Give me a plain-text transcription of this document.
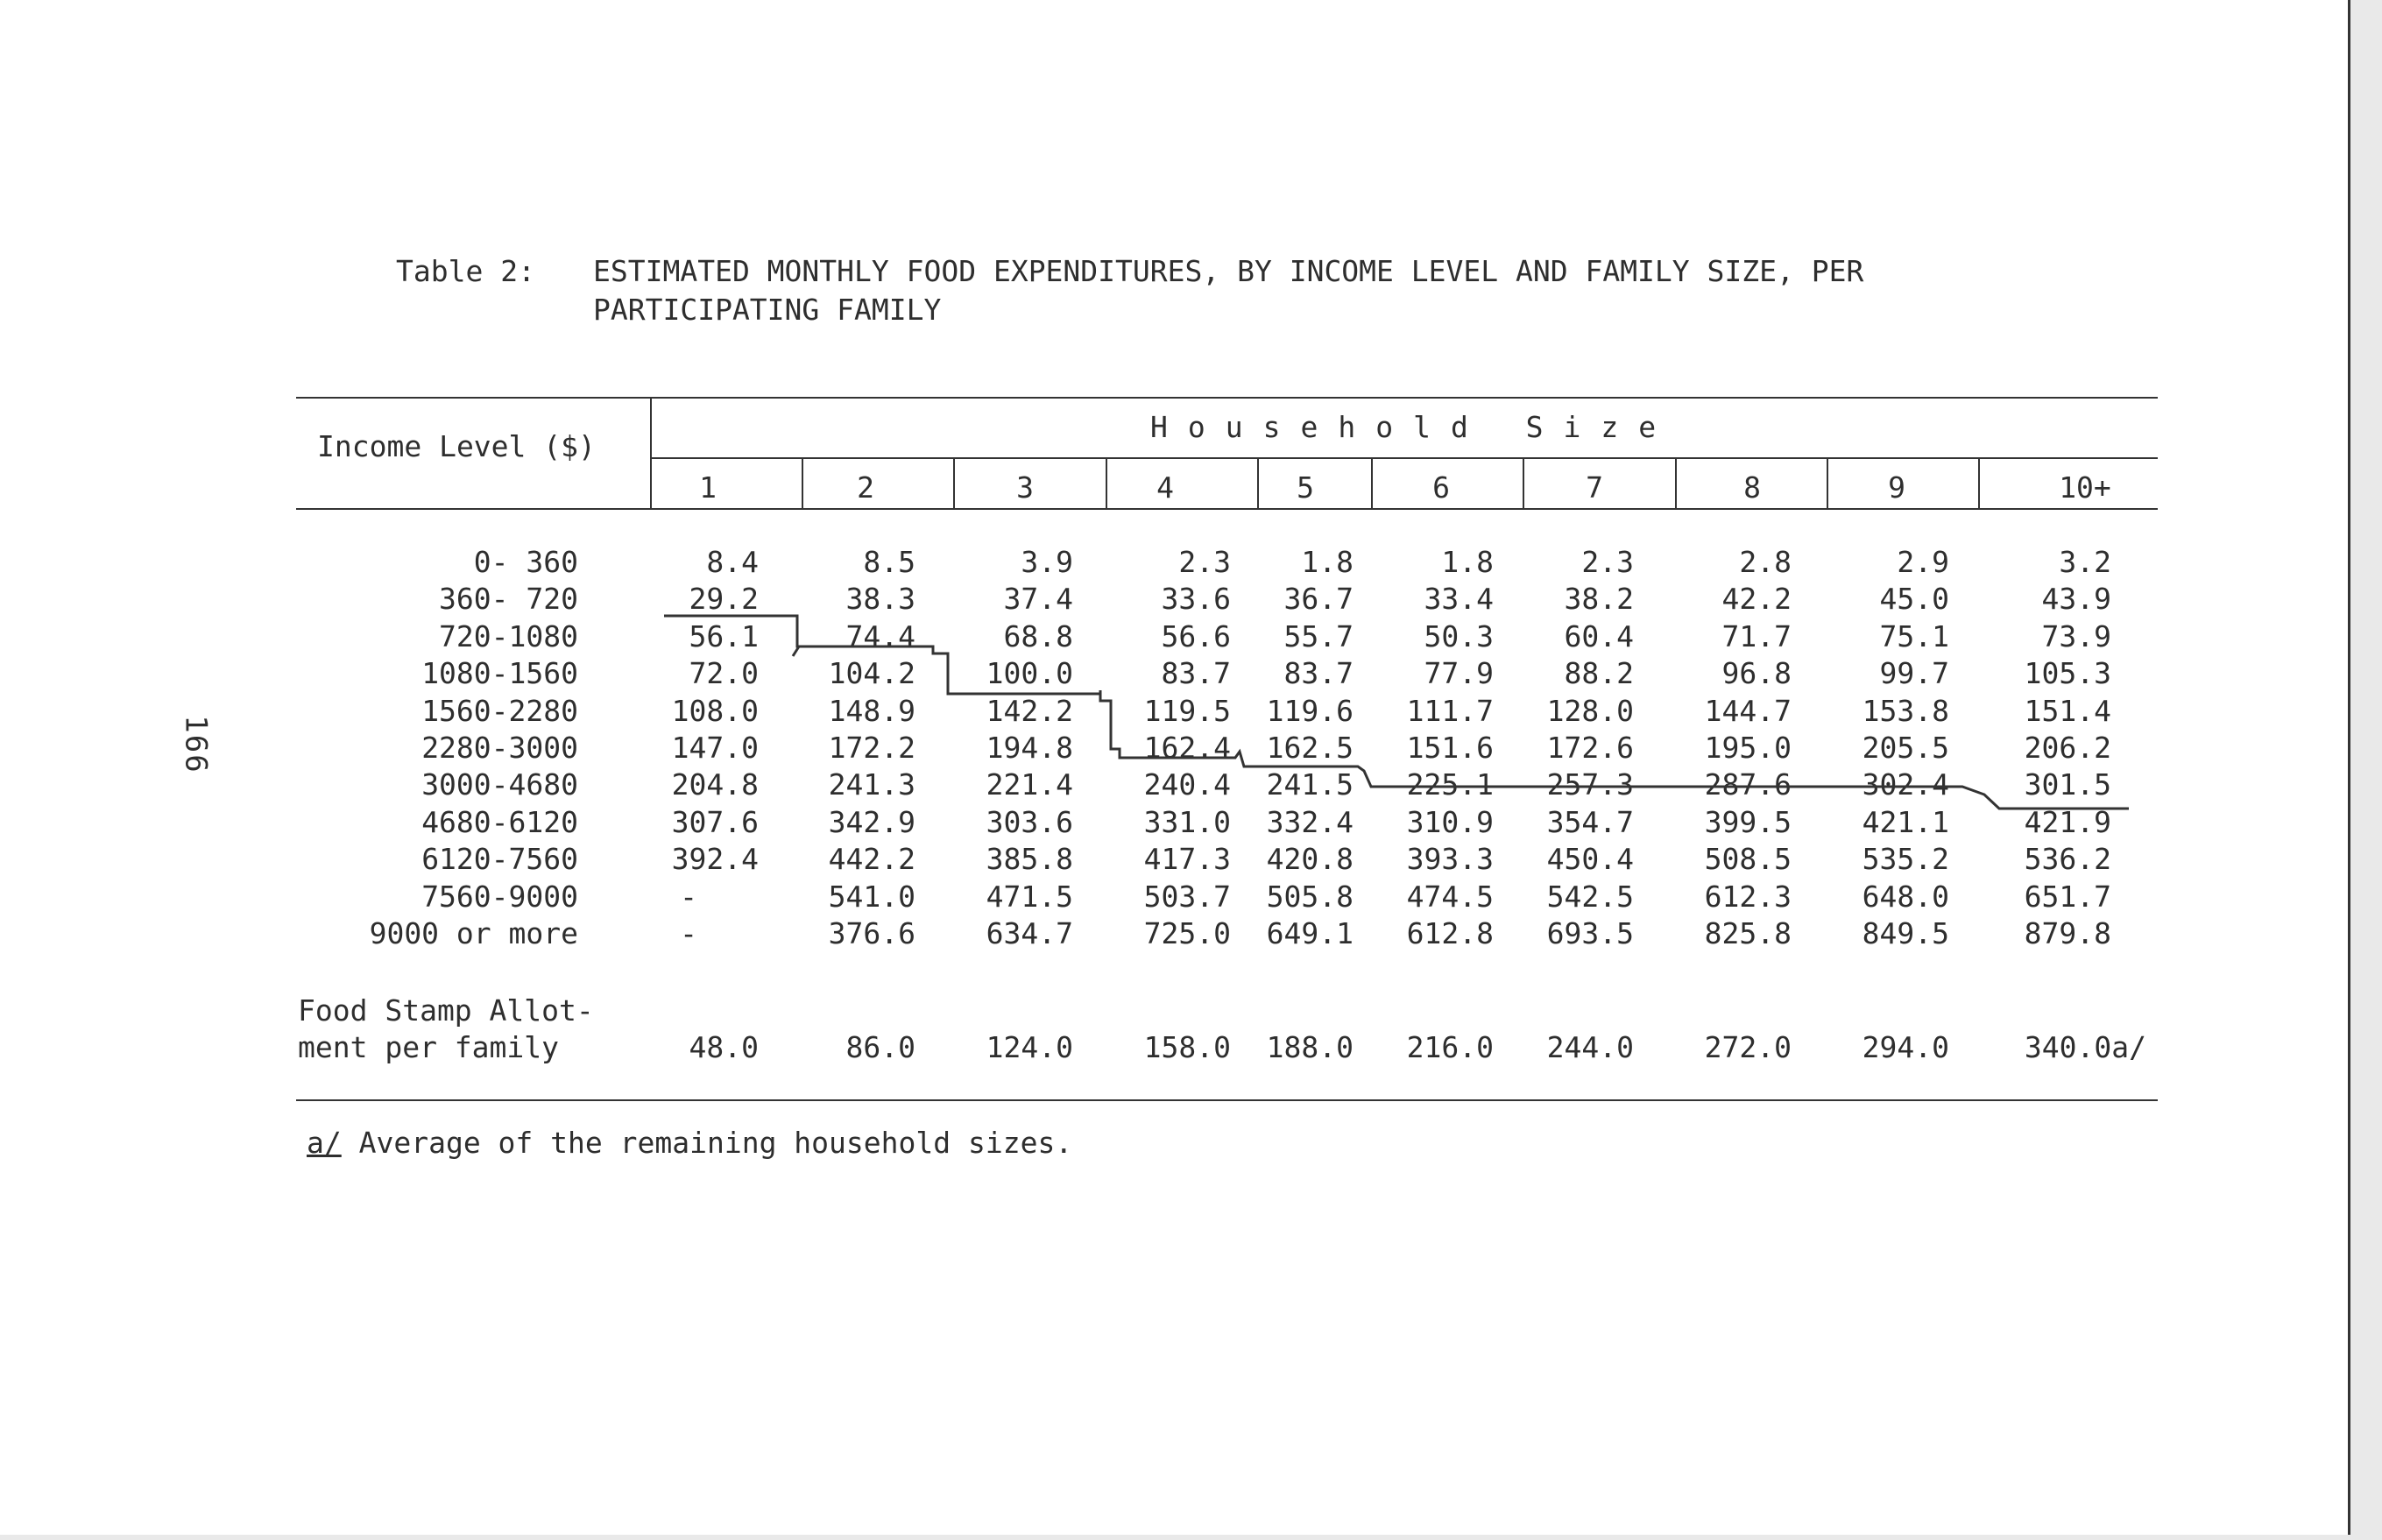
166
Table 2: ESTIMATED MONTHLY FOOD EXPENDITURES, BY INCOME LEVEL AND FAMILY SIZE, PER
PARTICIPATING FAMILY
Income Level ($)
Household Size
1	2	3	4	5	6	7	8	9	10+
0- 360	8.4	8.5	3.9	2.3	1.8	1.8	2.3	2.8	2.9	3.2
360- 720	29.2	38.3	37.4	33.6	36.7	33.4	38.2	42.2	45.0	43.9
720-1080	56.1	74.4	68.8	56.6	55.7	50.3	60.4	71.7	75.1	73.9
1080-1560	72.0	104.2	100.0	83.7	83.7	77.9	88.2	96.8	99.7	105.3
1560-2280	108.0	148.9	142.2	119.5	119.6	111.7	128.0	144.7	153.8	151.4
2280-3000	147.0	172.2	194.8	162.4	162.5	151.6	172.6	195.0	205.5	206.2
3000-4680	204.8	241.3	221.4	240.4	241.5	225.1	257.3	287.6	302.4	301.5
4680-6120	307.6	342.9	303.6	331.0	332.4	310.9	354.7	399.5	421.1	421.9
6120-7560	392.4	442.2	385.8	417.3	420.8	393.3	450.4	508.5	535.2	536.2
7560-9000	-	541.0	471.5	503.7	505.8	474.5	542.5	612.3	648.0	651.7
9000 or more	-	376.6	634.7	725.0	649.1	612.8	693.5	825.8	849.5	879.8
Food Stamp Allot-
ment per family	48.0	86.0	124.0	158.0	188.0	216.0	244.0	272.0	294.0	340.0a/
a/ Average of the remaining household sizes.
